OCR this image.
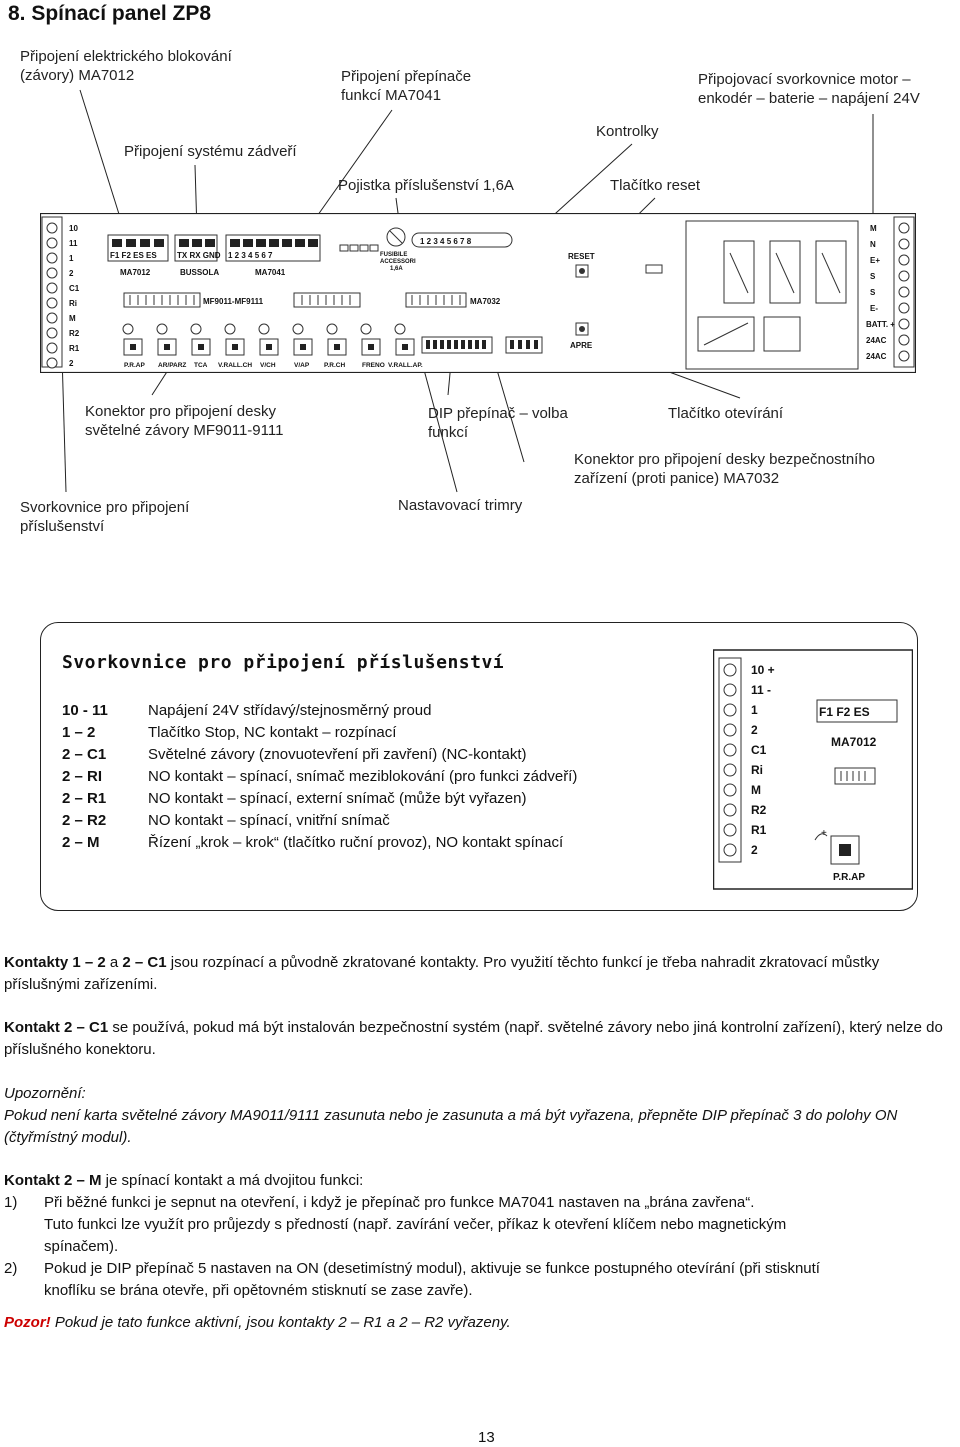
8. Spínací panel ZP8
Připojení elektrického blokování
(závory) MA7012	Připojení přepínače
funkcí MA7041
Připojovací svorkovnice motor –
enkodér – baterie – napájení 24V
Připojení systému zádveří
Kontrolky
Pojistka příslušenství 1,6A	Tlačítko reset
10
11
1
2
C1
Ri
M
R2
R1
2
F1 F2 ES ES	TX RX GND 1 2 3 4 5 6 7
MA7012	BUSSOLA	MA7041
MF9011-MF9111
FUSIBILE
ACCESSORI
1,6A
1 2 3 4 5 6 7 8
MA7032
RESET
APRE
P.R.AP AR/PARZ TCA V.RALL.CH V/CH	V/AP P.R.CH	FRENO V.RALL.AP.
M
N
E+
S
S
E-
BATT. +
24AC
24AC
Konektor pro připojení desky
světelné závory MF9011-9111
DIP přepínač – volba
funkcí
Tlačítko otevírání
Konektor pro připojení desky bezpečnostního
zařízení (proti panice) MA7032
Svorkovnice pro připojení
příslušenství
Nastavovací trimry
Svorkovnice pro připojení příslušenství
10 - 11	Napájení 24V střídavý/stejnosměrný proud
1 – 2	Tlačítko Stop, NC kontakt – rozpínací
2 – C1	Světelné závory (znovuotevření při zavření) (NC-kontakt)
2 – RI	NO kontakt – spínací, snímač meziblokování (pro funkci zádveří)
2 – R1	NO kontakt – spínací, externí snímač (může být vyřazen)
2 – R2	NO kontakt – spínací, vnitřní snímač
2 – M	Řízení „krok – krok“ (tlačítko ruční provoz), NO kontakt spínací
10 +
11 -
1
2
C1
Ri
M
R2
R1
2
F1 F2 ES
MA7012
+
P.R.AP
Kontakty 1 – 2 a 2 – C1 jsou rozpínací a původně zkratované kontakty. Pro využití těchto funkcí je třeba nahradit zkratovací můstky příslušnými zařízeními.
Kontakt 2 – C1 se používá, pokud má být instalován bezpečnostní systém (např. světelné závory nebo jiná kontrolní zařízení), který nelze do příslušného konektoru.
Upozornění:
Pokud není karta světelné závory MA9011/9111 zasunuta nebo je zasunuta a má být vyřazena, přepněte DIP přepínač 3 do polohy ON (čtyřmístný modul).
Kontakt 2 – M je spínací kontakt a má dvojitou funkci:
1) Při běžné funkci je sepnut na otevření, i když je přepínač pro funkce MA7041 nastaven na „brána zavřena“.
Tuto funkci lze využít pro průjezdy s předností (např. zavírání večer, příkaz k otevření klíčem nebo magnetickým
spínačem).
2) Pokud je DIP přepínač 5 nastaven na ON (desetimístný modul), aktivuje se funkce postupného otevírání (při stisknutí
knoflíku se brána otevře, při opětovném stisknutí se zase zavře).
Pozor! Pokud je tato funkce aktivní, jsou kontakty 2 – R1 a 2 – R2 vyřazeny.
13
